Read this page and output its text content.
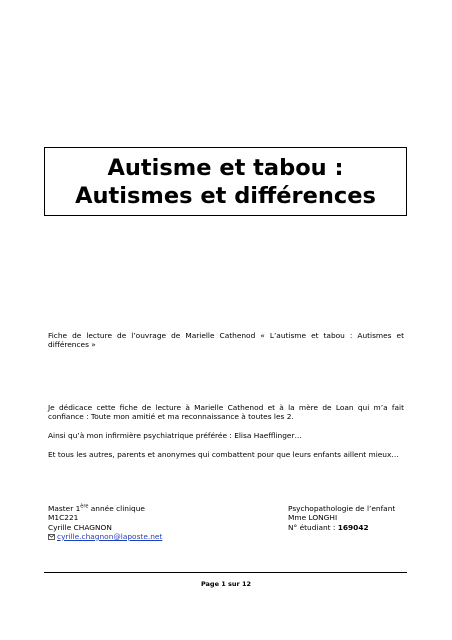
Autisme et tabou :
Autismes et différences
Fiche de lecture de l’ouvrage de Marielle Cathenod « L’autisme et tabou : Autismes et différences »
Je dédicace cette fiche de lecture à Marielle Cathenod et à la mère de Loan qui m’a fait confiance : Toute mon amitié et ma reconnaissance à toutes les 2.
Ainsi qu’à mon infirmière psychiatrique préférée : Elisa Haefflinger…
Et tous les autres, parents et anonymes qui combattent pour que leurs enfants aillent mieux…
Master 1ère année clinique
M1C221
Cyrille CHAGNON
cyrille.chagnon@laposte.net
Psychopathologie de l’enfant
Mme LONGHI
N° étudiant : 169042
Page 1 sur 12
